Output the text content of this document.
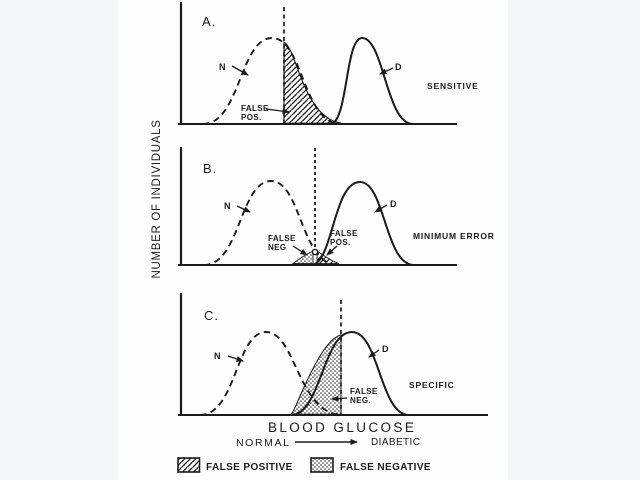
NUMBER OF INDIVIDUALS
A.
N	D
FALSE
POS.
SENSITIVE
B.
N	D
FALSE
NEG
FALSE
POS.
MINIMUM ERROR
C.
N
D
FALSE
NEG.
SPECIFIC
BLOOD GLUCOSE
NORMAL	DIABETIC
FALSE POSITIVE	FALSE NEGATIVE
